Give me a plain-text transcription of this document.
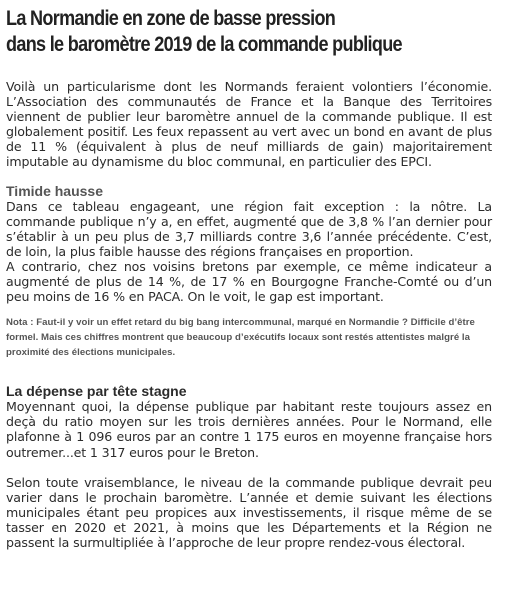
La Normandie en zone de basse pression
dans le baromètre 2019 de la commande publique

Voilà un particularisme dont les Normands feraient volontiers l’économie. L’Association des communautés de France et la Banque des Territoires viennent de publier leur baromètre annuel de la commande publique. Il est globalement positif. Les feux repassent au vert avec un bond en avant de plus de 11 % (équivalent à plus de neuf milliards de gain) majoritairement imputable au dynamisme du bloc communal, en particulier des EPCI.

Timide hausse

Dans ce tableau engageant, une région fait exception : la nôtre. La commande publique n’y a, en effet, augmenté que de 3,8 % l’an dernier pour s’établir à un peu plus de 3,7 milliards contre 3,6 l’année précédente. C’est, de loin, la plus faible hausse des régions françaises en proportion.

A contrario, chez nos voisins bretons par exemple, ce même indicateur a augmenté de plus de 14 %, de 17 % en Bourgogne Franche-Comté ou d’un peu moins de 16 % en PACA. On le voit, le gap est important.

Nota : Faut-il y voir un effet retard du big bang intercommunal, marqué en Normandie ? Difficile d’être formel. Mais ces chiffres montrent que beaucoup d’exécutifs locaux sont restés attentistes malgré la proximité des élections municipales.

La dépense par tête stagne

Moyennant quoi, la dépense publique par habitant reste toujours assez en deçà du ratio moyen sur les trois dernières années. Pour le Normand, elle plafonne à 1 096 euros par an contre 1 175 euros en moyenne française hors outremer...et 1 317 euros pour le Breton.

Selon toute vraisemblance, le niveau de la commande publique devrait peu varier dans le prochain baromètre. L’année et demie suivant les élections municipales étant peu propices aux investissements, il risque même de se tasser en 2020 et 2021, à moins que les Départements et la Région ne passent la surmultipliée à l’approche de leur propre rendez-vous électoral.
